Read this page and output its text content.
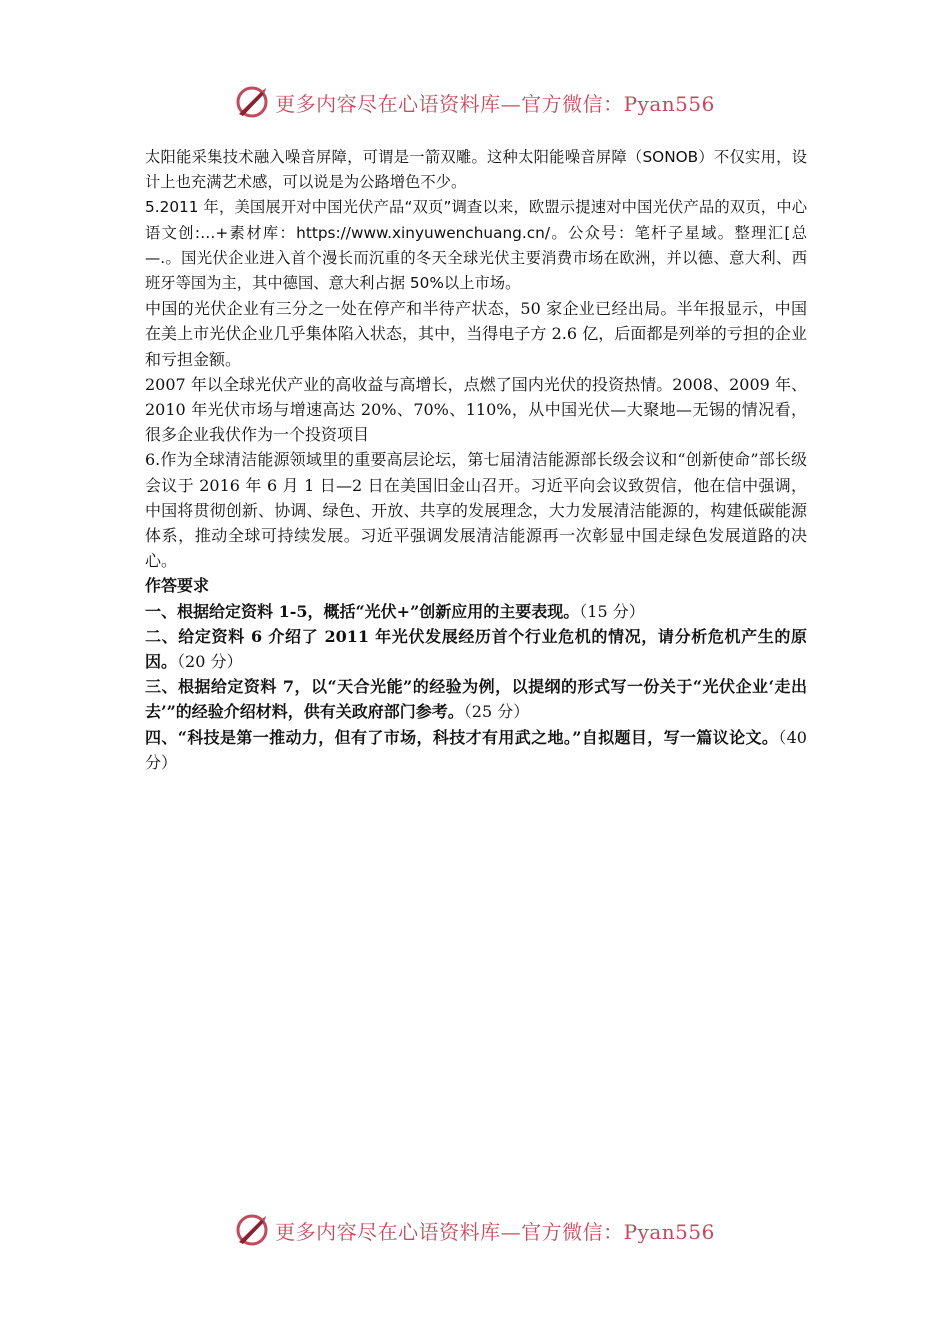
更多内容尽在心语资料库—官方微信：Pyan556

太阳能采集技术融入噪音屏障，可谓是一箭双雕。这种太阳能噪音屏障（SONOB）不仅实用，设计上也充满艺术感，可以说是为公路增色不少。

5.2011 年，美国展开对中国光伏产品“双页”调查以来，欧盟示提速对中国光伏产品的双页，中心语文创:…+素材库：https://www.xinyuwenchuang.cn/。公众号：笔杆子星域。整理汇[总—.。国光伏企业进入首个漫长而沉重的冬天全球光伏主要消费市场在欧洲，并以德、意大利、西班牙等国为主，其中德国、意大利占据 50%以上市场。

中国的光伏企业有三分之一处在停产和半待产状态，50 家企业已经出局。半年报显示，中国在美上市光伏企业几乎集体陷入状态，其中，当得电子方 2.6 亿，后面都是列举的亏担的企业和亏担金额。

2007 年以全球光伏产业的高收益与高增长，点燃了国内光伏的投资热情。2008、2009 年、2010 年光伏市场与增速高达 20%、70%、110%，从中国光伏—大聚地—无锡的情况看，很多企业我伏作为一个投资项目

6.作为全球清洁能源领域里的重要高层论坛，第七届清洁能源部长级会议和“创新使命”部长级会议于 2016 年 6 月 1 日—2 日在美国旧金山召开。习近平向会议致贺信，他在信中强调，中国将贯彻创新、协调、绿色、开放、共享的发展理念，大力发展清洁能源的，构建低碳能源体系，推动全球可持续发展。习近平强调发展清洁能源再一次彰显中国走绿色发展道路的决心。

作答要求

一、根据给定资料 1-5，概括“光伏+”创新应用的主要表现。（15 分）

二、给定资料 6 介绍了 2011 年光伏发展经历首个行业危机的情况，请分析危机产生的原因。（20 分）

三、根据给定资料 7，以“天合光能”的经验为例，以提纲的形式写一份关于“光伏企业‘走出去’”的经验介绍材料，供有关政府部门参考。（25 分）

四、“科技是第一推动力，但有了市场，科技才有用武之地。”自拟题目，写一篇议论文。（40 分）

更多内容尽在心语资料库—官方微信：Pyan556
